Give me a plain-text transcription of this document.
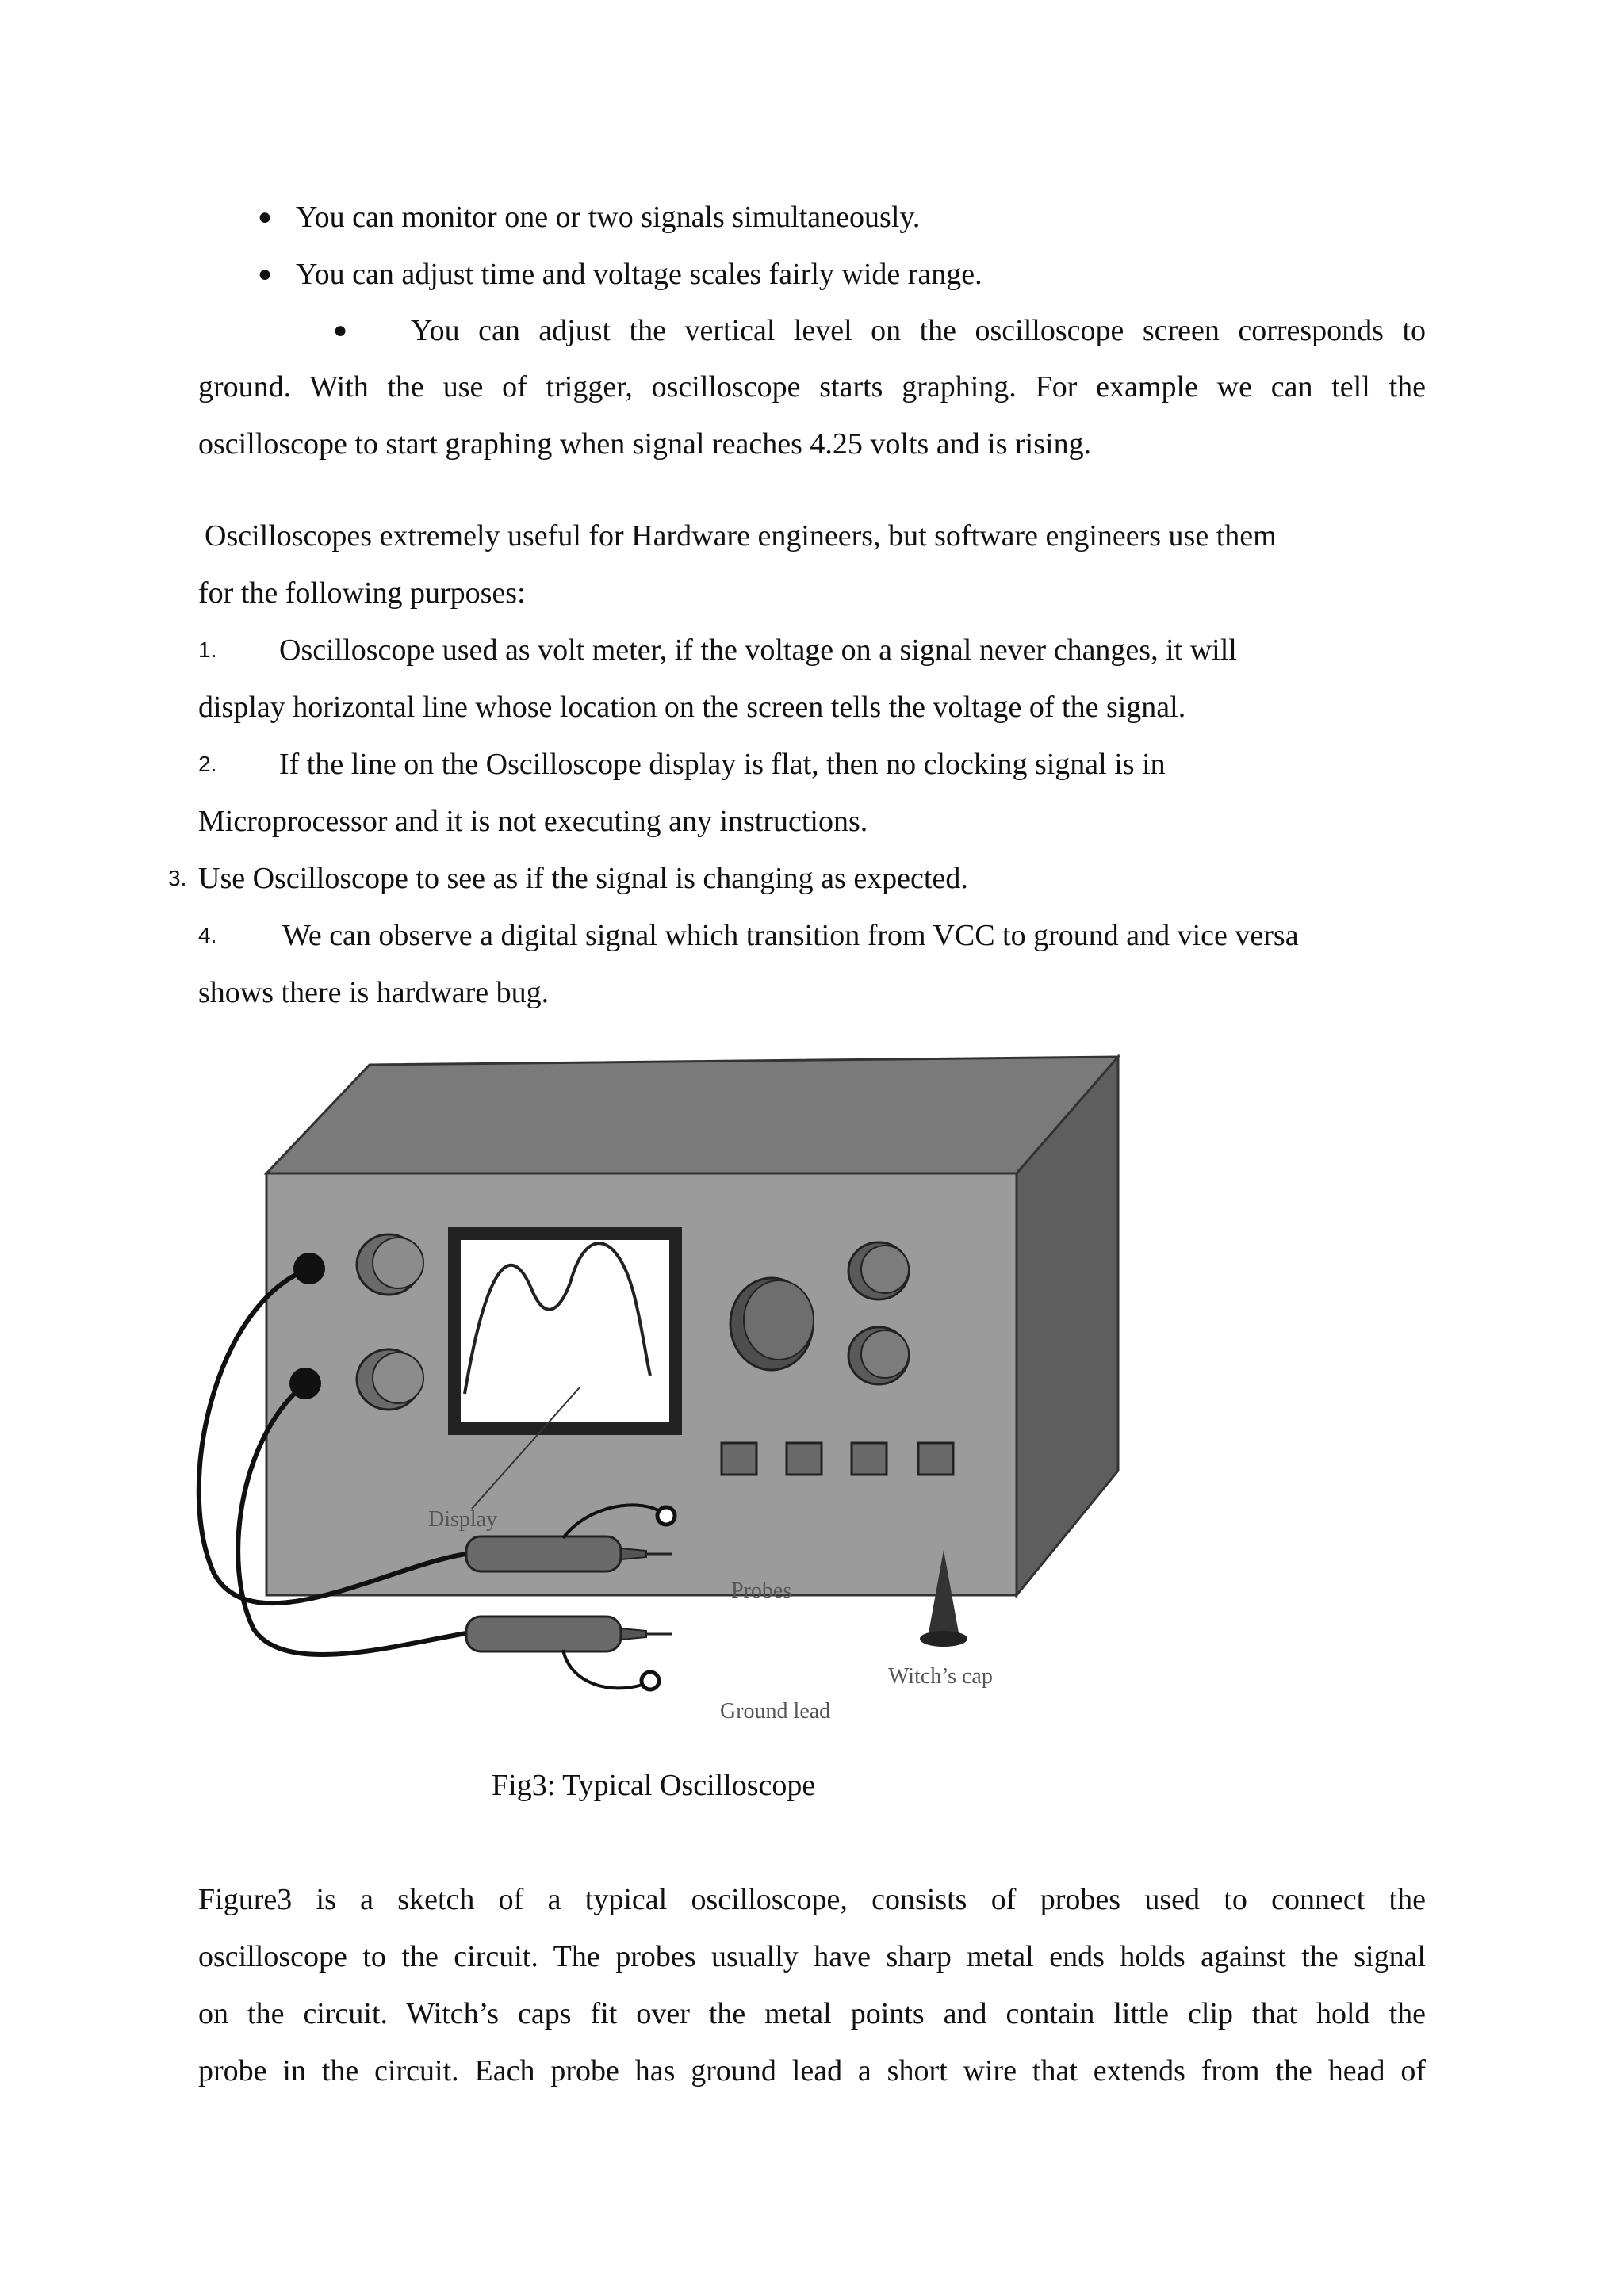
● You can monitor one or two signals simultaneously.
● You can adjust time and voltage scales fairly wide range.
● You can adjust the vertical level on the oscilloscope screen corresponds to
ground. With the use of trigger, oscilloscope starts graphing. For example we can tell the
oscilloscope to start graphing when signal reaches 4.25 volts and is rising.
Oscilloscopes extremely useful for Hardware engineers, but software engineers use them
for the following purposes:
1. Oscilloscope used as volt meter, if the voltage on a signal never changes, it will
display horizontal line whose location on the screen tells the voltage of the signal.
2. If the line on the Oscilloscope display is flat, then no clocking signal is in
Microprocessor and it is not executing any instructions.
3. Use Oscilloscope to see as if the signal is changing as expected.
4. We can observe a digital signal which transition from VCC to ground and vice versa
shows there is hardware bug.
Display
Probes
Witch’s cap
Ground lead
Fig3: Typical Oscilloscope
Figure3 is a sketch of a typical oscilloscope, consists of probes used to connect the
oscilloscope to the circuit. The probes usually have sharp metal ends holds against the signal
on the circuit. Witch’s caps fit over the metal points and contain little clip that hold the
probe in the circuit. Each probe has ground lead a short wire that extends from the head of
